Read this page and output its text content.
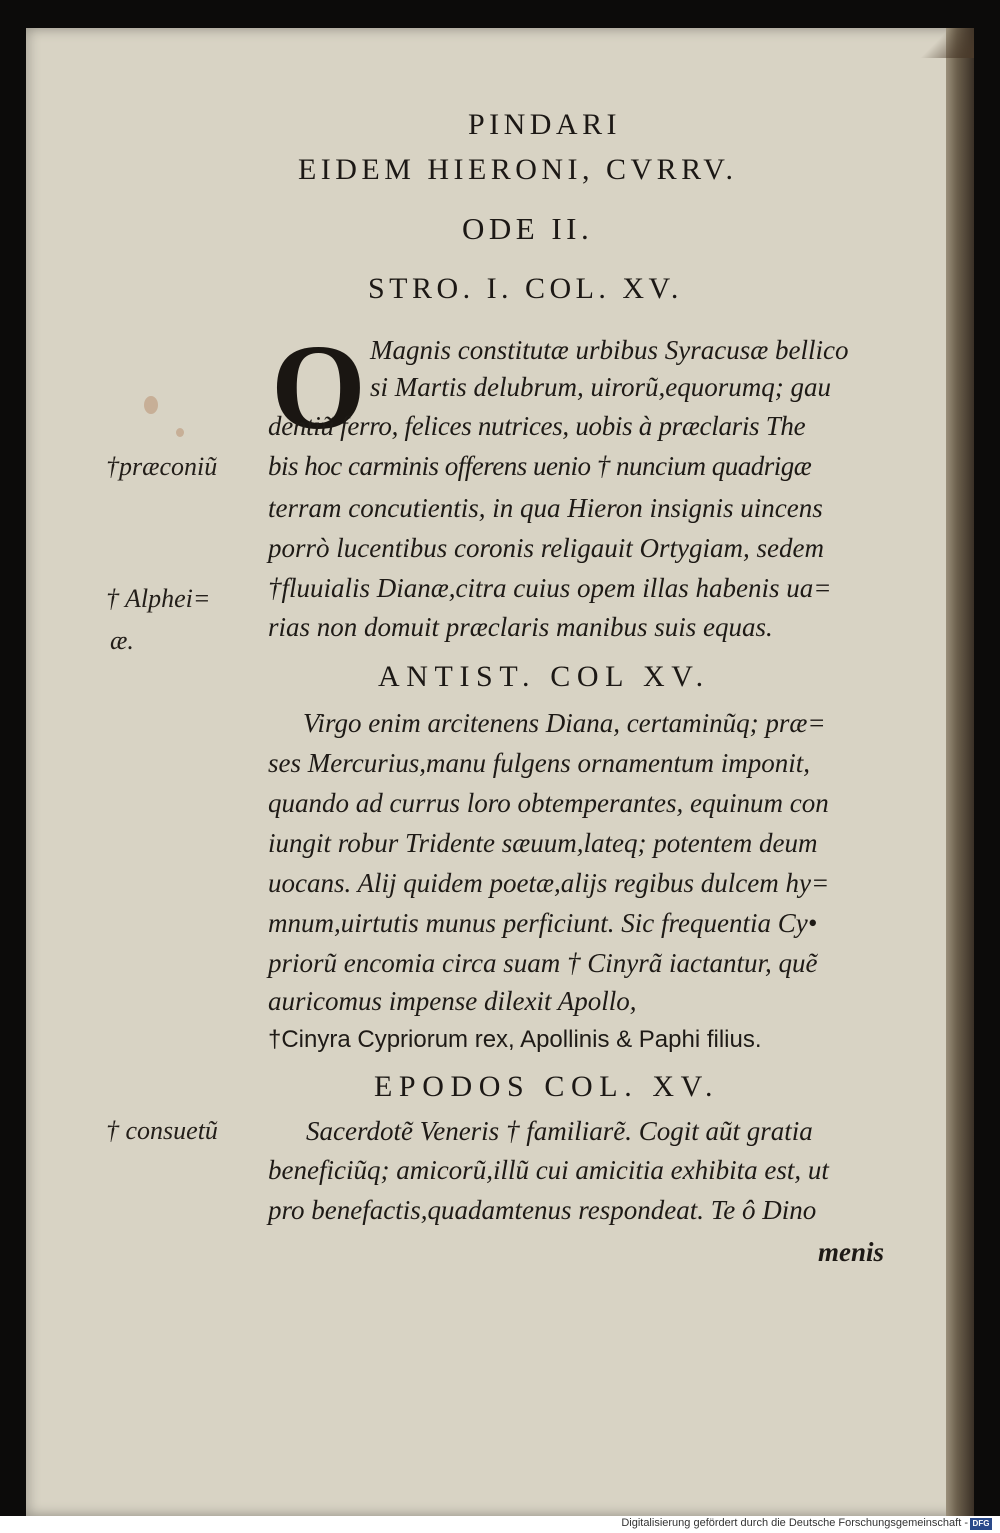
PINDARI
EIDEM HIERONI, CVRRV.
ODE II.
STRO. I. COL. XV.
O Magnis constitutæ urbibus Syracusæ bellico
si Martis delubrum, uirorũ,equorumq; gau
dentiũ ferro, felices nutrices, uobis à præclaris The
bis hoc carminis offerens uenio † nuncium quadrigæ
terram concutientis, in qua Hieron insignis uincens
porrò lucentibus coronis religauit Ortygiam, sedem
†fluuialis Dianæ,citra cuius opem illas habenis ua=
rias non domuit præclaris manibus suis equas.
ANTIST. COL XV.
Virgo enim arcitenens Diana, certaminũq; præ=
ses Mercurius,manu fulgens ornamentum imponit,
quando ad currus loro obtemperantes, equinum con
iungit robur Tridente sæuum,lateq; potentem deum
uocans. Alij quidem poetæ,alijs regibus dulcem hy=
mnum,uirtutis munus perficiunt. Sic frequentia Cy•
priorũ encomia circa suam † Cinyrã iactantur, quẽ
auricomus impense dilexit Apollo,
†Cinyra Cypriorum rex, Apollinis & Paphi filius.
EPODOS COL. XV.
Sacerdotẽ Veneris † familiarẽ. Cogit aũt gratia
beneficiũq; amicorũ,illũ cui amicitia exhibita est, ut
pro benefactis,quadamtenus respondeat. Te ô Dino
menis
†præconiũ
† Alphei=
æ.
† consuetũ
Digitalisierung gefördert durch die Deutsche Forschungsgemeinschaft - DFG
